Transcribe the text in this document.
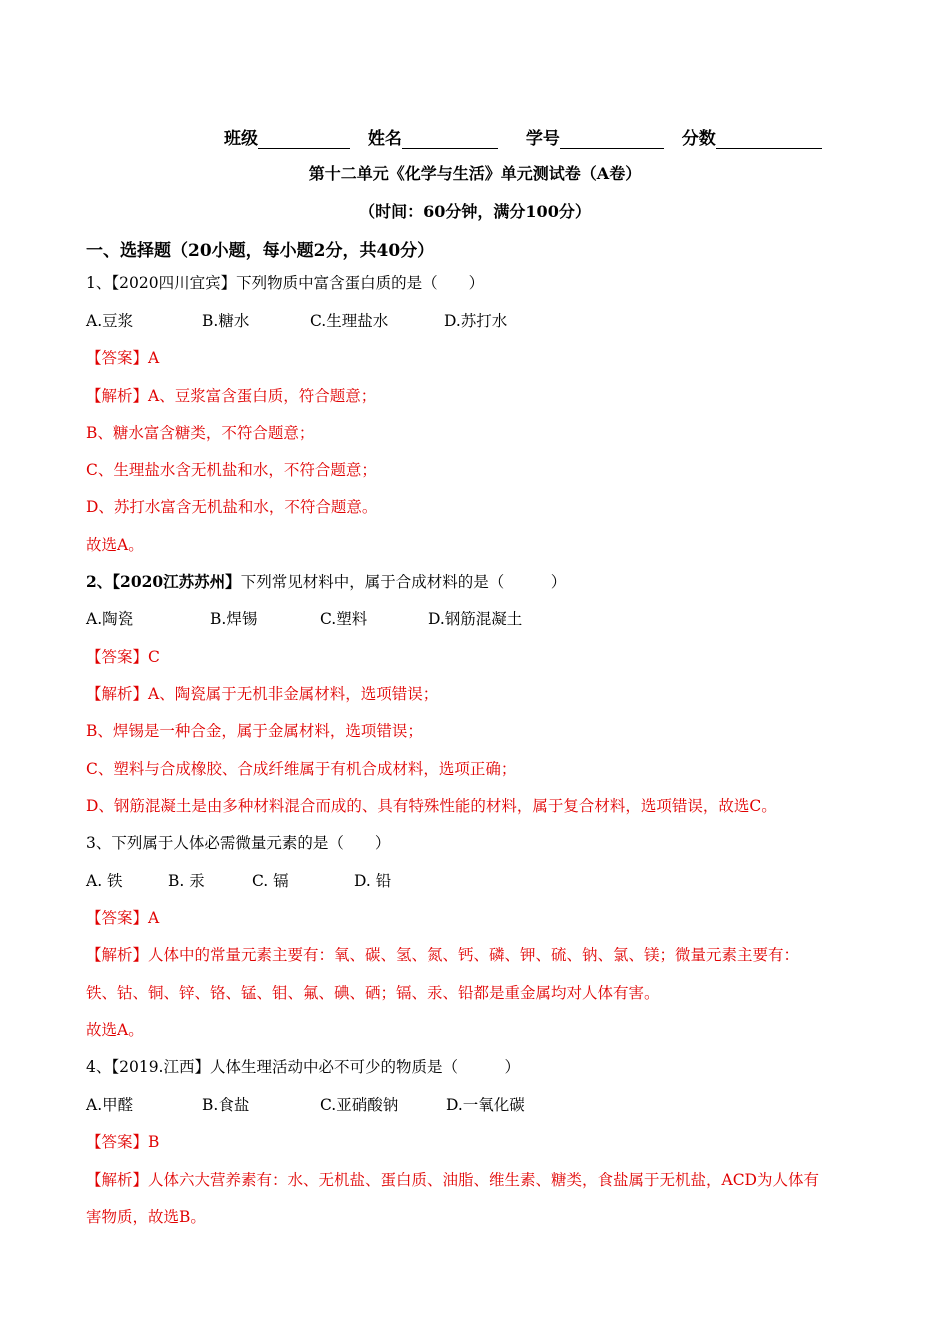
班级	姓名	学号	分数
第十二单元《化学与生活》单元测试卷（A卷）
（时间：60分钟，满分100分）
一、选择题（20小题，每小题2分，共40分）
1、【2020四川宜宾】下列物质中富含蛋白质的是（　　）
A.豆浆	B.糖水	C.生理盐水	D.苏打水
【答案】A
【解析】A、豆浆富含蛋白质，符合题意；
B、糖水富含糖类，不符合题意；
C、生理盐水含无机盐和水，不符合题意；
D、苏打水富含无机盐和水，不符合题意。
故选A。
2、【2020江苏苏州】下列常见材料中，属于合成材料的是（　　　）
A.陶瓷	B.焊锡	C.塑料	D.钢筋混凝土
【答案】C
【解析】A、陶瓷属于无机非金属材料，选项错误；
B、焊锡是一种合金，属于金属材料，选项错误；
C、塑料与合成橡胶、合成纤维属于有机合成材料，选项正确；
D、钢筋混凝土是由多种材料混合而成的、具有特殊性能的材料，属于复合材料，选项错误，故选C。
3、下列属于人体必需微量元素的是（　　）
A. 铁	B. 汞	C. 镉	D. 铅
【答案】A
【解析】人体中的常量元素主要有：氧、碳、氢、氮、钙、磷、钾、硫、钠、氯、镁；微量元素主要有：
铁、钴、铜、锌、铬、锰、钼、氟、碘、硒；镉、汞、铅都是重金属均对人体有害。
故选A。
4、【2019.江西】人体生理活动中必不可少的物质是（　　　）
A.甲醛	B.食盐	C.亚硝酸钠	D.一氧化碳
【答案】B
【解析】人体六大营养素有：水、无机盐、蛋白质、油脂、维生素、糖类，食盐属于无机盐，ACD为人体有
害物质，故选B。
